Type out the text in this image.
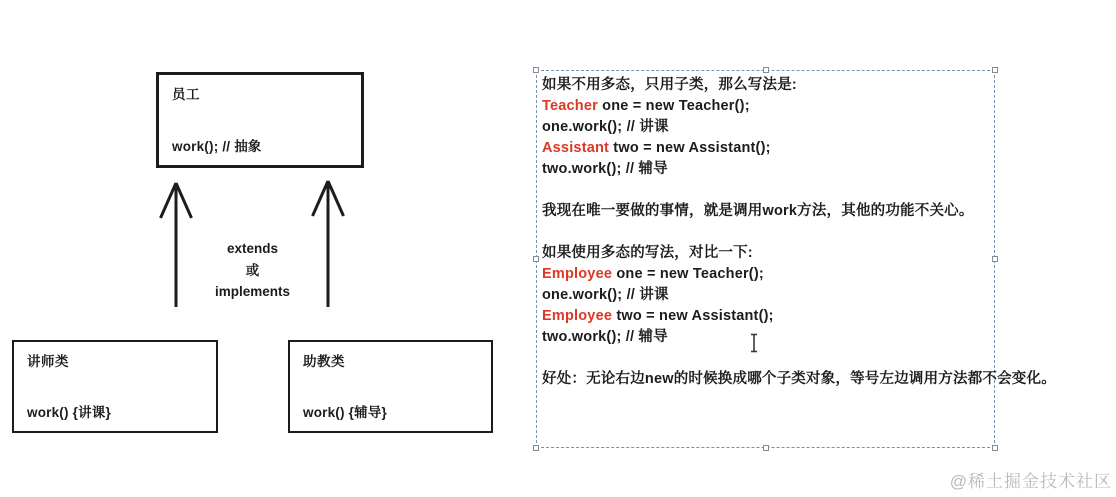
员工
work(); // 抽象
extends
或
implements
讲师类
work() {讲课}
助教类
work() {辅导}
如果不用多态，只用子类，那么写法是:
Teacher one = new Teacher();
one.work(); // 讲课
Assistant two = new Assistant();
two.work(); // 辅导

我现在唯一要做的事情，就是调用work方法，其他的功能不关心。

如果使用多态的写法，对比一下:
Employee one = new Teacher();
one.work(); // 讲课
Employee two = new Assistant();
two.work(); // 辅导

好处：无论右边new的时候换成哪个子类对象，等号左边调用方法都不会变化。
@稀土掘金技术社区
